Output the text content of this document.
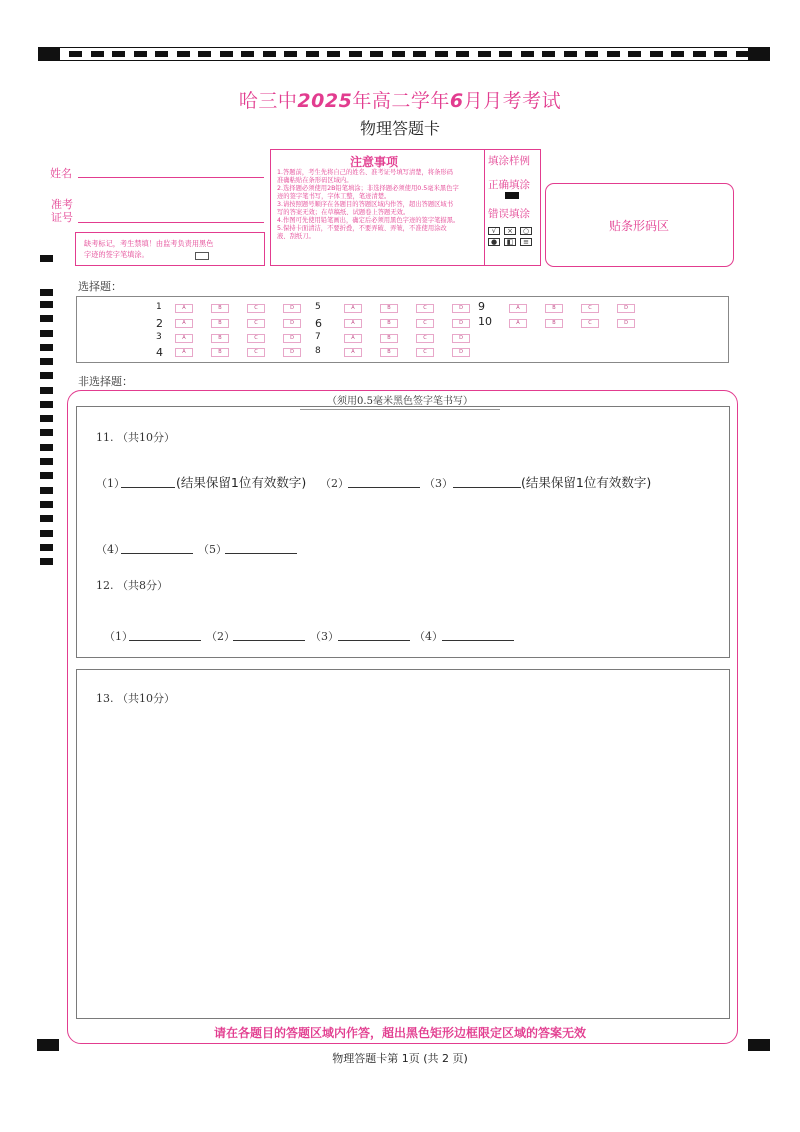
哈三中2025年高二学年6月月考考试
物理答题卡
姓名
准考
证号
缺考标记，考生禁填！由监考负责用黑色
字迹的签字笔填涂。
注意事项
1.答题前，考生先将自己的姓名、准考证号填写清楚，将条形码
准确粘贴在条形码区域内。
2.选择题必须使用2B铅笔填涂；非选择题必须使用0.5毫米黑色字
迹的签字笔书写，字体工整，笔迹清楚。
3.请按照题号顺序在各题目的答题区域内作答，超出答题区域书
写的答案无效；在草稿纸、试题卷上答题无效。
4.作图可先使用铅笔画出，确定后必须用黑色字迹的签字笔描黑。
5.保持卡面清洁，不要折叠，不要弄破、弄皱，不准使用涂改
液、刮纸刀。
填涂样例
正确填涂
错误填涂
√	×	○
●	◧	≡
贴条形码区
选择题：
1	A	B	C	D
2	A	B	C	D
3	A	B	C	D
4	A	B	C	D
5	A	B	C	D
6	A	B	C	D
7	A	B	C	D
8	A	B	C	D
9	A	B	C	D
10	A	B	C	D
非选择题：
（须用0.5毫米黑色签字笔书写）
11. （共10分）
（1）	(结果保留1位有效数字) （2）	（3）	(结果保留1位有效数字)
（4）	（5）
12. （共8分）
（1）	（2）	（3）	（4）
13. （共10分）
请在各题目的答题区域内作答，超出黑色矩形边框限定区域的答案无效
物理答题卡第 1页 (共 2 页)
